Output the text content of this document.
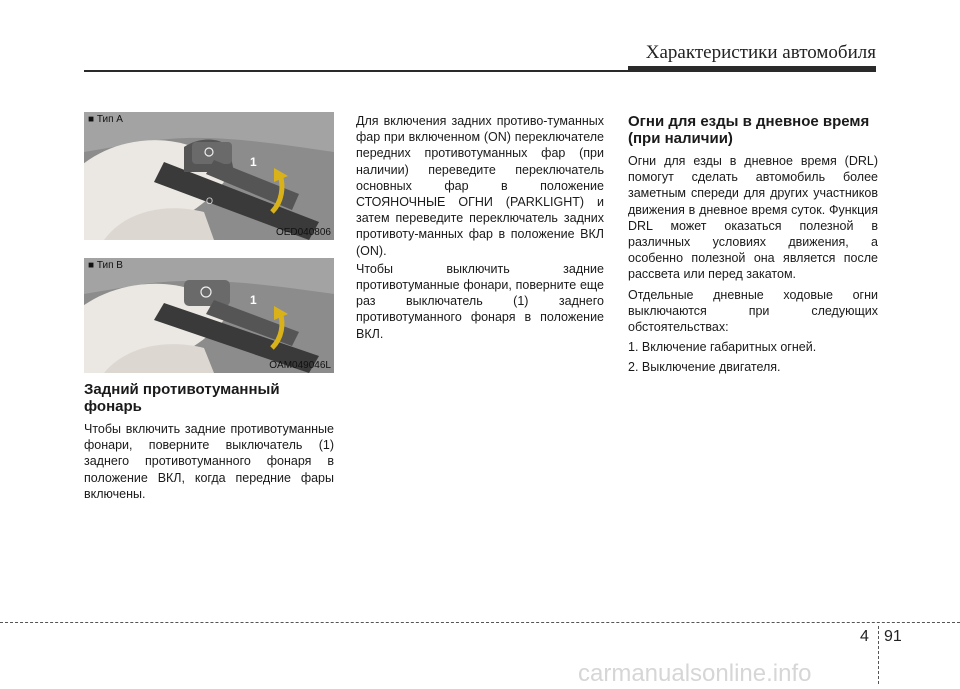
Характеристики автомобиля
1
O
■ Тип А
OED040806
1
■ Тип B
OAM049046L
Задний противотуманный фонарь

Чтобы включить задние противотуманные фонари, поверните выключатель (1) заднего противотуманного фонаря в положение ВКЛ, когда передние фары включены.

Для включения задних противо-туманных фар при включенном (ON) переключателе передних противотуманных фар (при наличии) переведите переключатель основных фар в положение СТОЯНОЧНЫЕ ОГНИ (PARKLIGHT) и затем переведите переключатель задних противоту-манных фар в положение ВКЛ (ON).

Чтобы выключить задние противотуманные фонари, поверните еще раз выключатель (1) заднего противотуманного фонаря в положение ВКЛ.

Огни для езды в дневное время (при наличии)

Огни для езды в дневное время (DRL) помогут сделать автомобиль более заметным спереди для других участников движения в дневное время суток. Функция DRL может оказаться полезной в различных условиях движения, а особенно полезной она является после рассвета или перед закатом.

Отдельные дневные ходовые огни выключаются при следующих обстоятельствах:

1. Включение габаритных огней.

2. Выключение двигателя.

4 91
carmanualsonline.info
